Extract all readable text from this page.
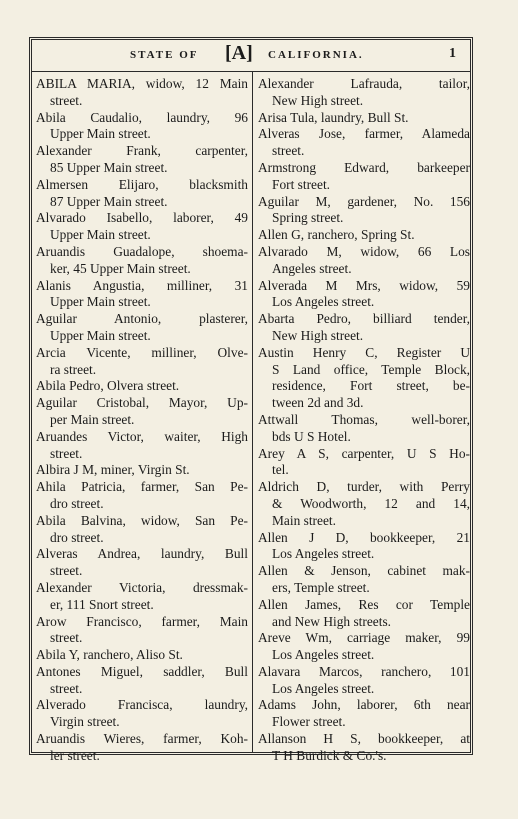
STATE OF [A] CALIFORNIA.	1
ABILA MARIA, widow, 12 Main
street.
Abila Caudalio, laundry, 96
Upper Main street.
Alexander Frank, carpenter,
85 Upper Main street.
Almersen Elijaro, blacksmith
87 Upper Main street.
Alvarado Isabello, laborer, 49
Upper Main street.
Aruandis Guadalope, shoema-
ker, 45 Upper Main street.
Alanis Angustia, milliner, 31
Upper Main street.
Aguilar Antonio, plasterer,
Upper Main street.
Arcia Vicente, milliner, Olve-
ra street.
Abila Pedro, Olvera street.
Aguilar Cristobal, Mayor, Up-
per Main street.
Aruandes Victor, waiter, High
street.
Albira J M, miner, Virgin St.
Ahila Patricia, farmer, San Pe-
dro street.
Abila Balvina, widow, San Pe-
dro street.
Alveras Andrea, laundry, Bull
street.
Alexander Victoria, dressmak-
er, 111 Snort street.
Arow Francisco, farmer, Main
street.
Abila Y, ranchero, Aliso St.
Antones Miguel, saddler, Bull
street.
Alverado Francisca, laundry,
Virgin street.
Aruandis Wieres, farmer, Koh-
ler street.
Alexander Lafrauda, tailor,
New High street.
Arisa Tula, laundry, Bull St.
Alveras Jose, farmer, Alameda
street.
Armstrong Edward, barkeeper
Fort street.
Aguilar M, gardener, No. 156
Spring street.
Allen G, ranchero, Spring St.
Alvarado M, widow, 66 Los
Angeles street.
Alverada M Mrs, widow, 59
Los Angeles street.
Abarta Pedro, billiard tender,
New High street.
Austin Henry C, Register U
S Land office, Temple Block,
residence, Fort street, be-
tween 2d and 3d.
Attwall Thomas, well-borer,
bds U S Hotel.
Arey A S, carpenter, U S Ho-
tel.
Aldrich D, turder, with Perry
& Woodworth, 12 and 14,
Main street.
Allen J D, bookkeeper, 21
Los Angeles street.
Allen & Jenson, cabinet mak-
ers, Temple street.
Allen James, Res cor Temple
and New High streets.
Areve Wm, carriage maker, 99
Los Angeles street.
Alavara Marcos, ranchero, 101
Los Angeles street.
Adams John, laborer, 6th near
Flower street.
Allanson H S, bookkeeper, at
T H Burdick & Co.'s.
